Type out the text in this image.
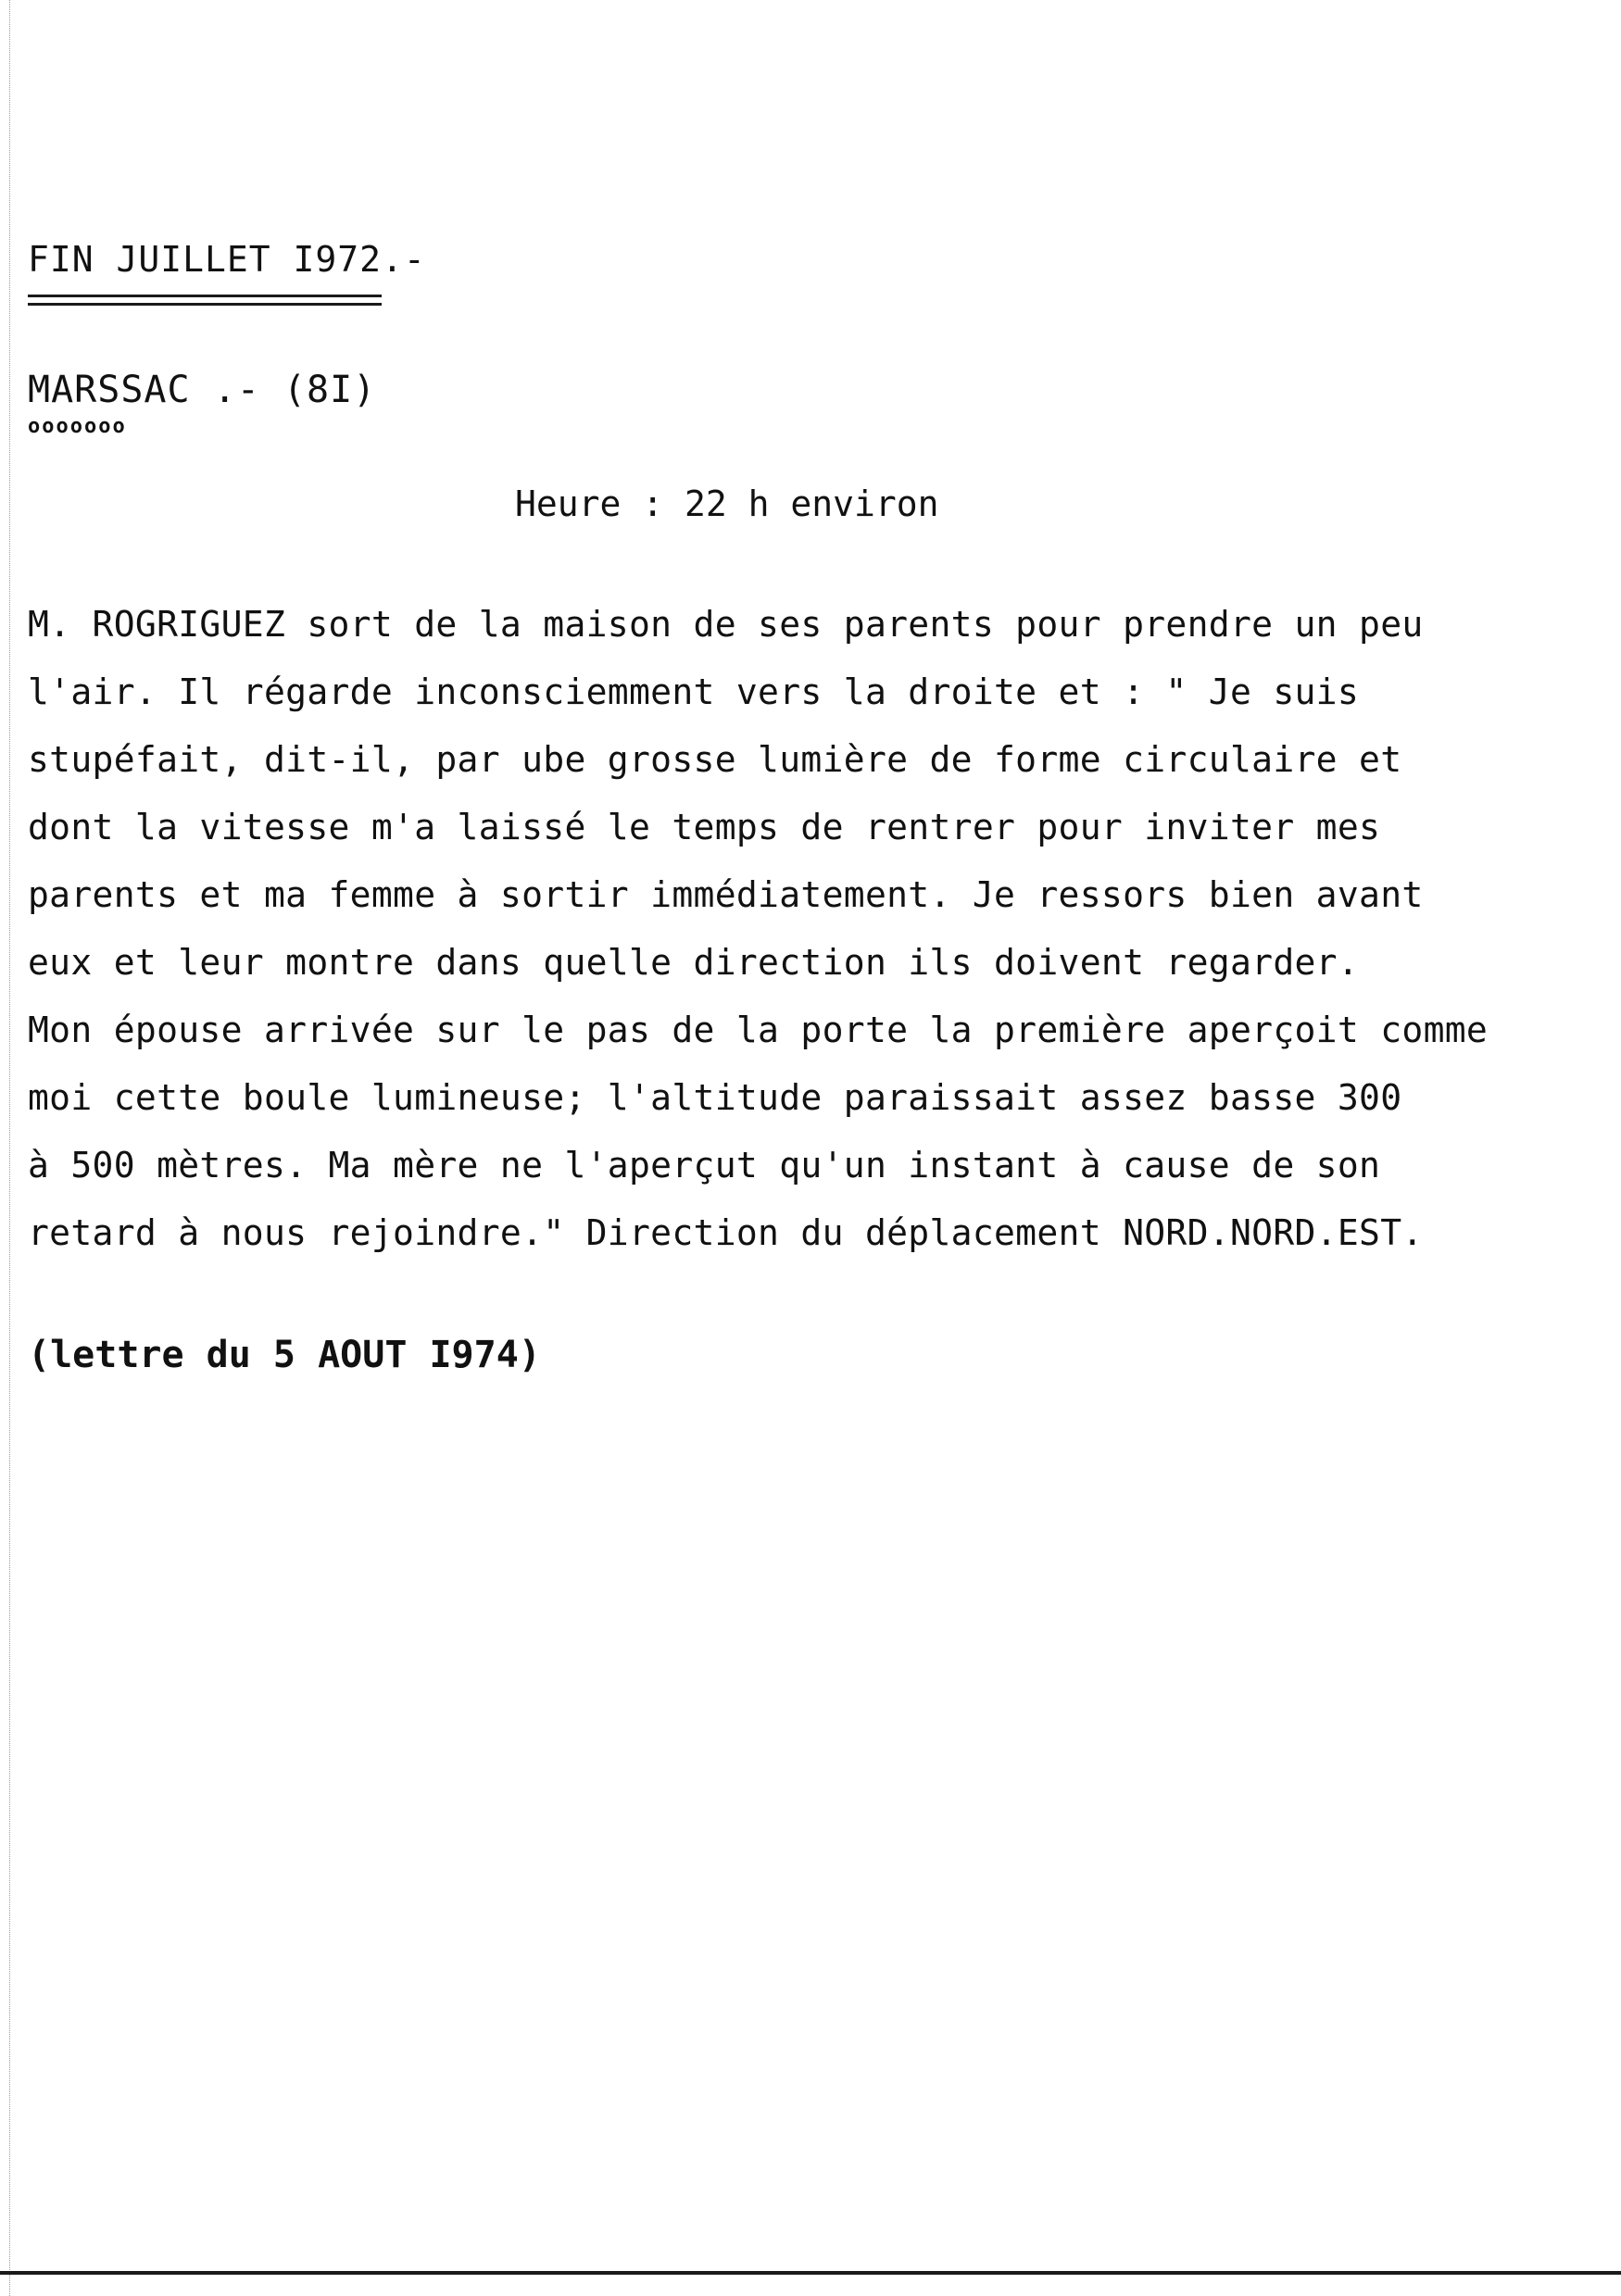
FIN JUILLET I972.-
MARSSAC .- (8I)
ooooooo
Heure : 22 h environ
M. ROGRIGUEZ sort de la maison de ses parents pour prendre un peu
l'air. Il régarde inconsciemment vers la droite et : " Je suis
stupéfait, dit-il, par ube grosse lumière de forme circulaire et
dont la vitesse m'a laissé le temps de rentrer pour inviter mes
parents et ma femme à sortir immédiatement. Je ressors bien avant
eux et leur montre dans quelle direction ils doivent regarder.
Mon épouse arrivée sur le pas de la porte la première aperçoit comme
moi cette boule lumineuse; l'altitude paraissait assez basse 300
à 500 mètres. Ma mère ne l'aperçut qu'un instant à cause de son
retard à nous rejoindre." Direction du déplacement NORD.NORD.EST.
(lettre du 5 AOUT I974)
